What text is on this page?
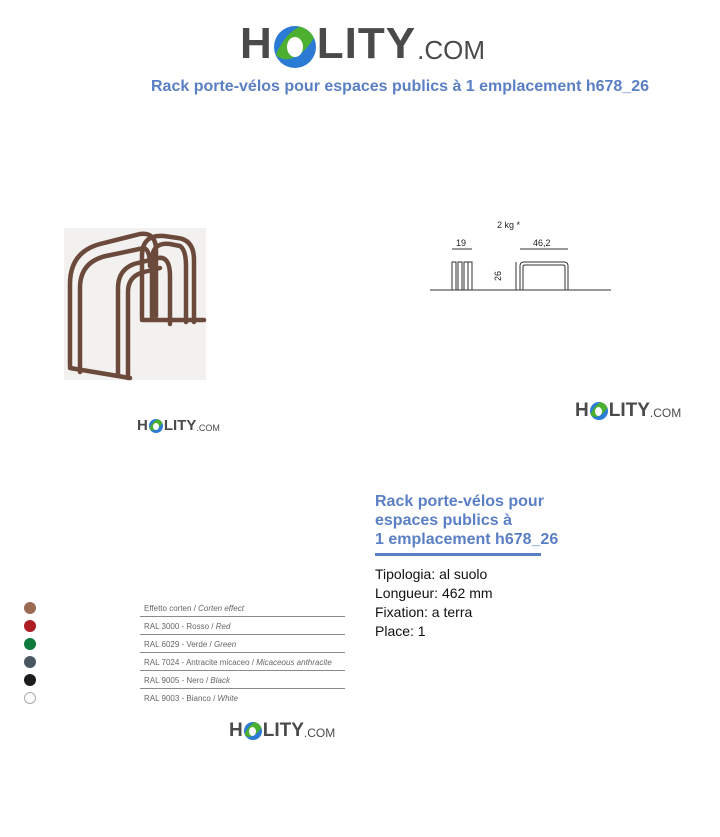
H LITY .COM
Rack porte-vélos pour espaces publics à 1 emplacement h678_26
H LITY .COM
2 kg *
19	46,2
26
H LITY .COM
Rack porte-vélos pour
espaces publics à
1 emplacement h678_26
Tipologia: al suolo
Longueur: 462 mm
Fixation: a terra
Place: 1
Effetto corten / Corten effect
RAL 3000 - Rosso / Red
RAL 6029 - Verde / Green
RAL 7024 - Antracite micaceo / Micaceous anthracite
RAL 9005 - Nero / Black
RAL 9003 - Bianco / White
H LITY .COM
